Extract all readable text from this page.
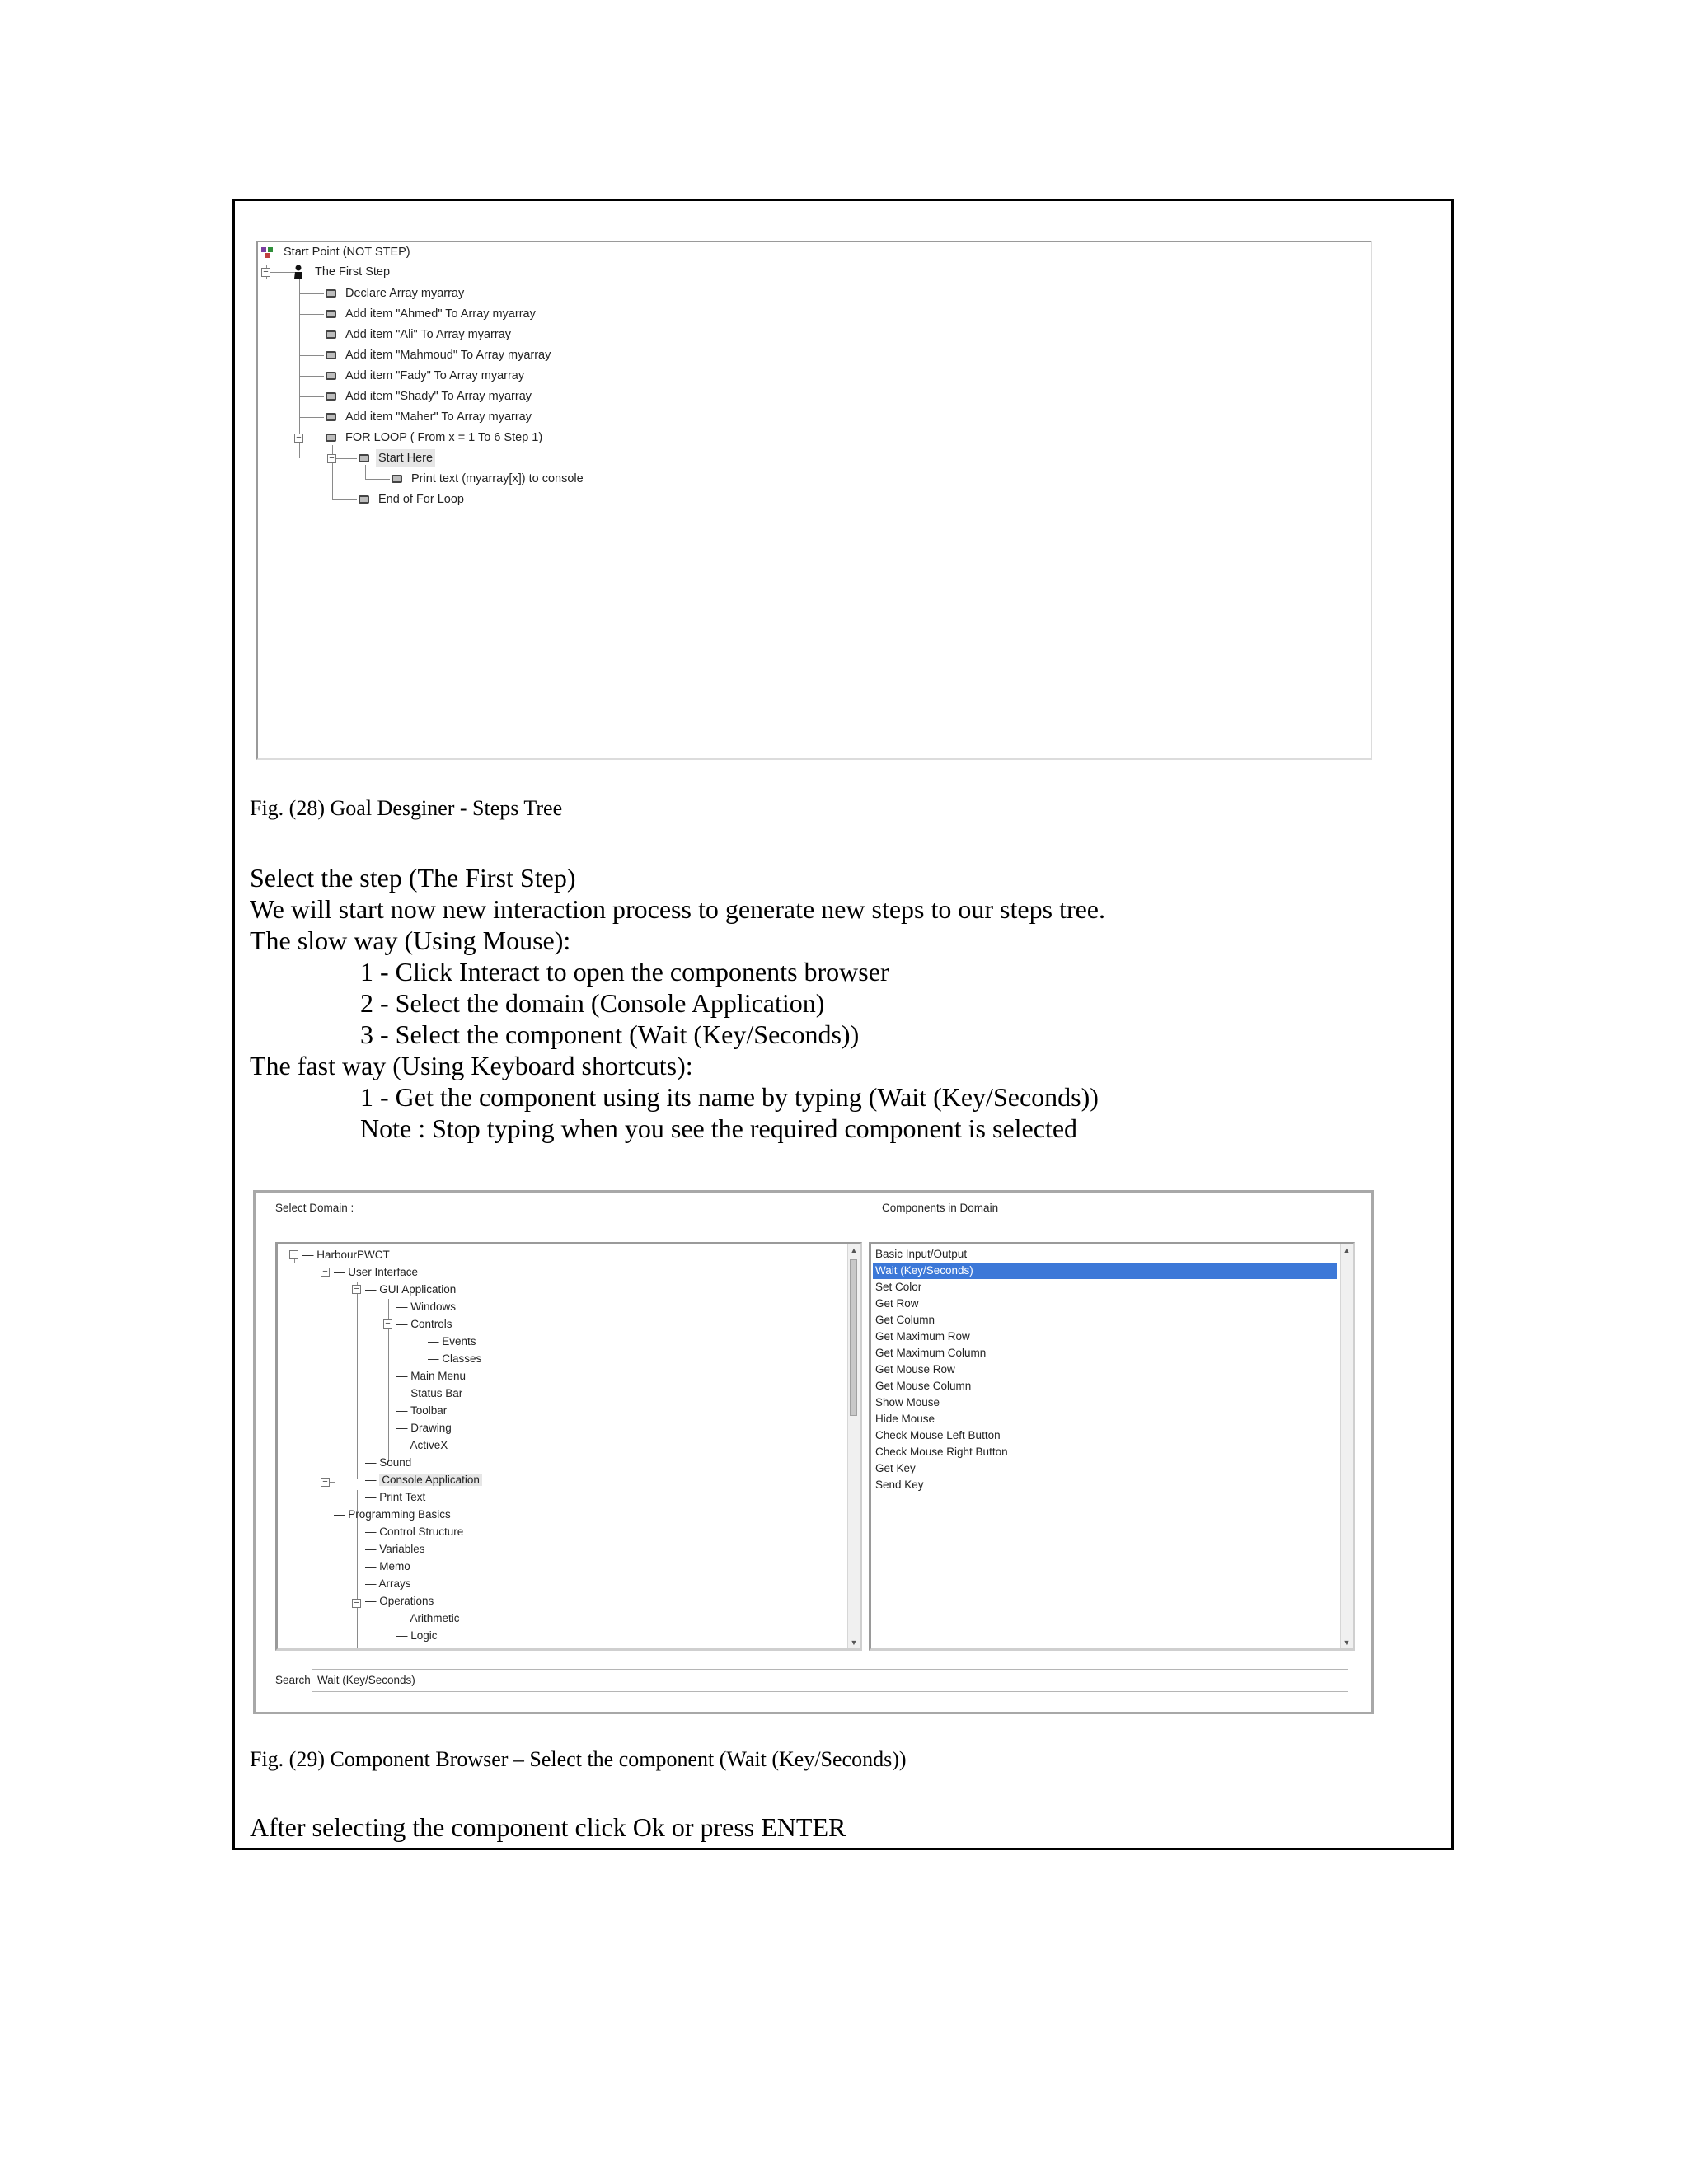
−
−
−
Start Point (NOT STEP)
The First Step
Declare Array myarray
Add item "Ahmed" To Array myarray
Add item "Ali" To Array myarray
Add item "Mahmoud" To Array myarray
Add item "Fady" To Array myarray
Add item "Shady" To Array myarray
Add item "Maher" To Array myarray
FOR LOOP ( From x = 1 To 6 Step 1)
Start Here
Print text (myarray[x]) to console
End of For Loop
Fig. (28) Goal Desginer - Steps Tree
Select the step (The First Step)
We will start now new interaction process to generate new steps to our steps tree.
The slow way (Using Mouse):
1 - Click Interact to open the components browser
2 - Select the domain (Console Application)
3 - Select the component (Wait (Key/Seconds))
The fast way (Using Keyboard shortcuts):
1 - Get the component using its name by typing (Wait (Key/Seconds))
Note : Stop typing when you see the required component is selected
Select Domain :	Components in Domain
−
−
−
−
−
−
— HarbourPWCT
— User Interface
— GUI Application
— Windows
— Controls
— Events
— Classes
— Main Menu
— Status Bar
— Toolbar
— Drawing
— ActiveX
— Sound
— Console Application
— Print Text
— Programming Basics
— Control Structure
— Variables
— Memo
— Arrays
— Operations
— Arithmetic
— Logic
▲
▼
Basic Input/Output
Wait (Key/Seconds)
Set Color
Get Row
Get Column
Get Maximum Row
Get Maximum Column
Get Mouse Row
Get Mouse Column
Show Mouse
Hide Mouse
Check Mouse Left Button
Check Mouse Right Button
Get Key
Send Key
▲
▼
Search Wait (Key/Seconds)
Fig. (29) Component Browser – Select the component (Wait (Key/Seconds))
After selecting the component click Ok or press ENTER
